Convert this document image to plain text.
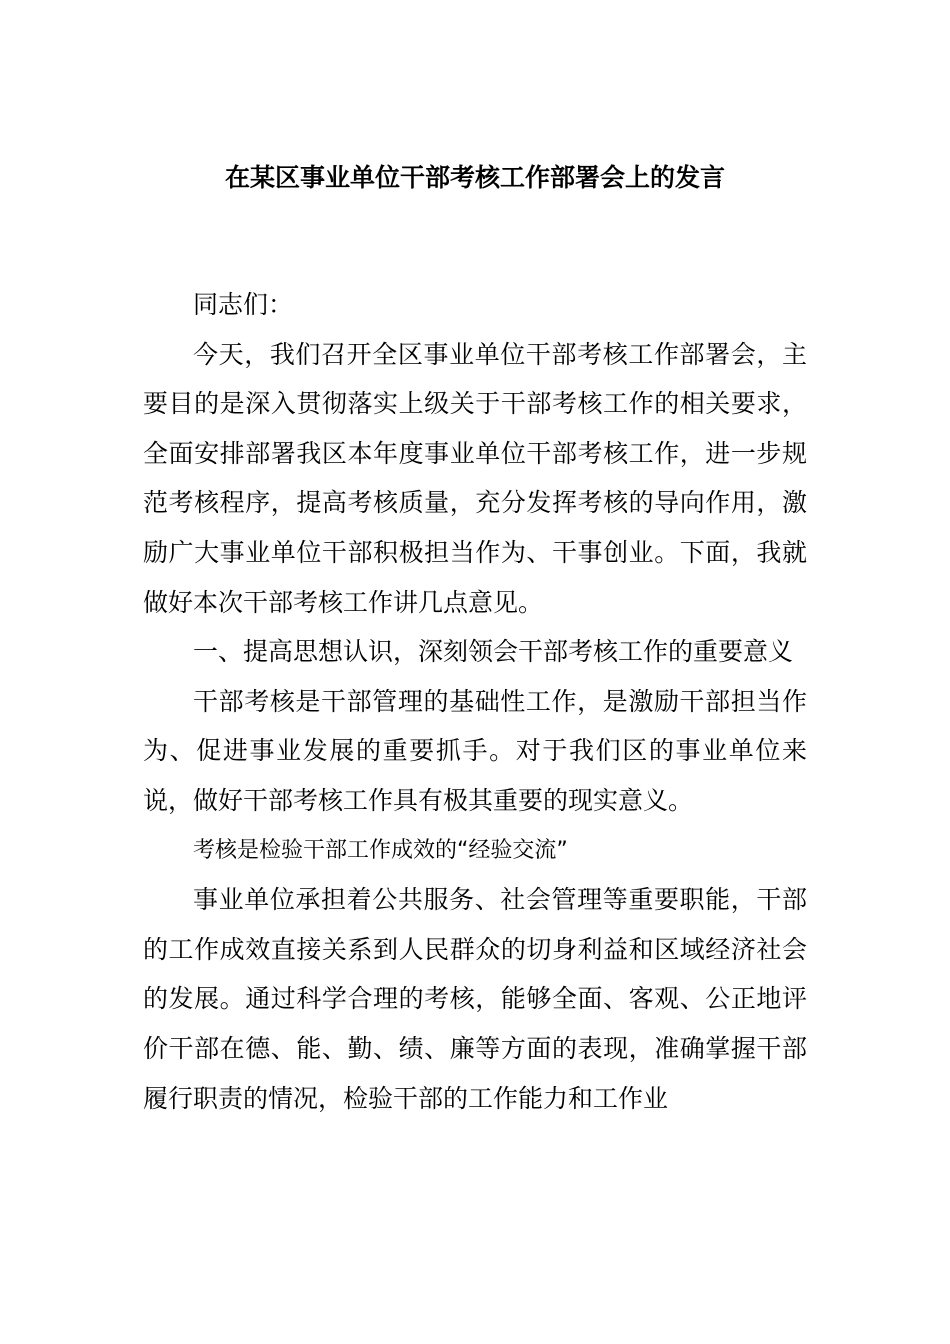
在某区事业单位干部考核工作部署会上的发言

同志们：

今天，我们召开全区事业单位干部考核工作部署会，主要目的是深入贯彻落实上级关于干部考核工作的相关要求，全面安排部署我区本年度事业单位干部考核工作，进一步规范考核程序，提高考核质量，充分发挥考核的导向作用，激励广大事业单位干部积极担当作为、干事创业。下面，我就做好本次干部考核工作讲几点意见。

一、提高思想认识，深刻领会干部考核工作的重要意义

干部考核是干部管理的基础性工作，是激励干部担当作为、促进事业发展的重要抓手。对于我们区的事业单位来说，做好干部考核工作具有极其重要的现实意义。

考核是检验干部工作成效的“经验交流”

事业单位承担着公共服务、社会管理等重要职能，干部的工作成效直接关系到人民群众的切身利益和区域经济社会的发展。通过科学合理的考核，能够全面、客观、公正地评价干部在德、能、勤、绩、廉等方面的表现，准确掌握干部履行职责的情况，检验干部的工作能力和工作业
